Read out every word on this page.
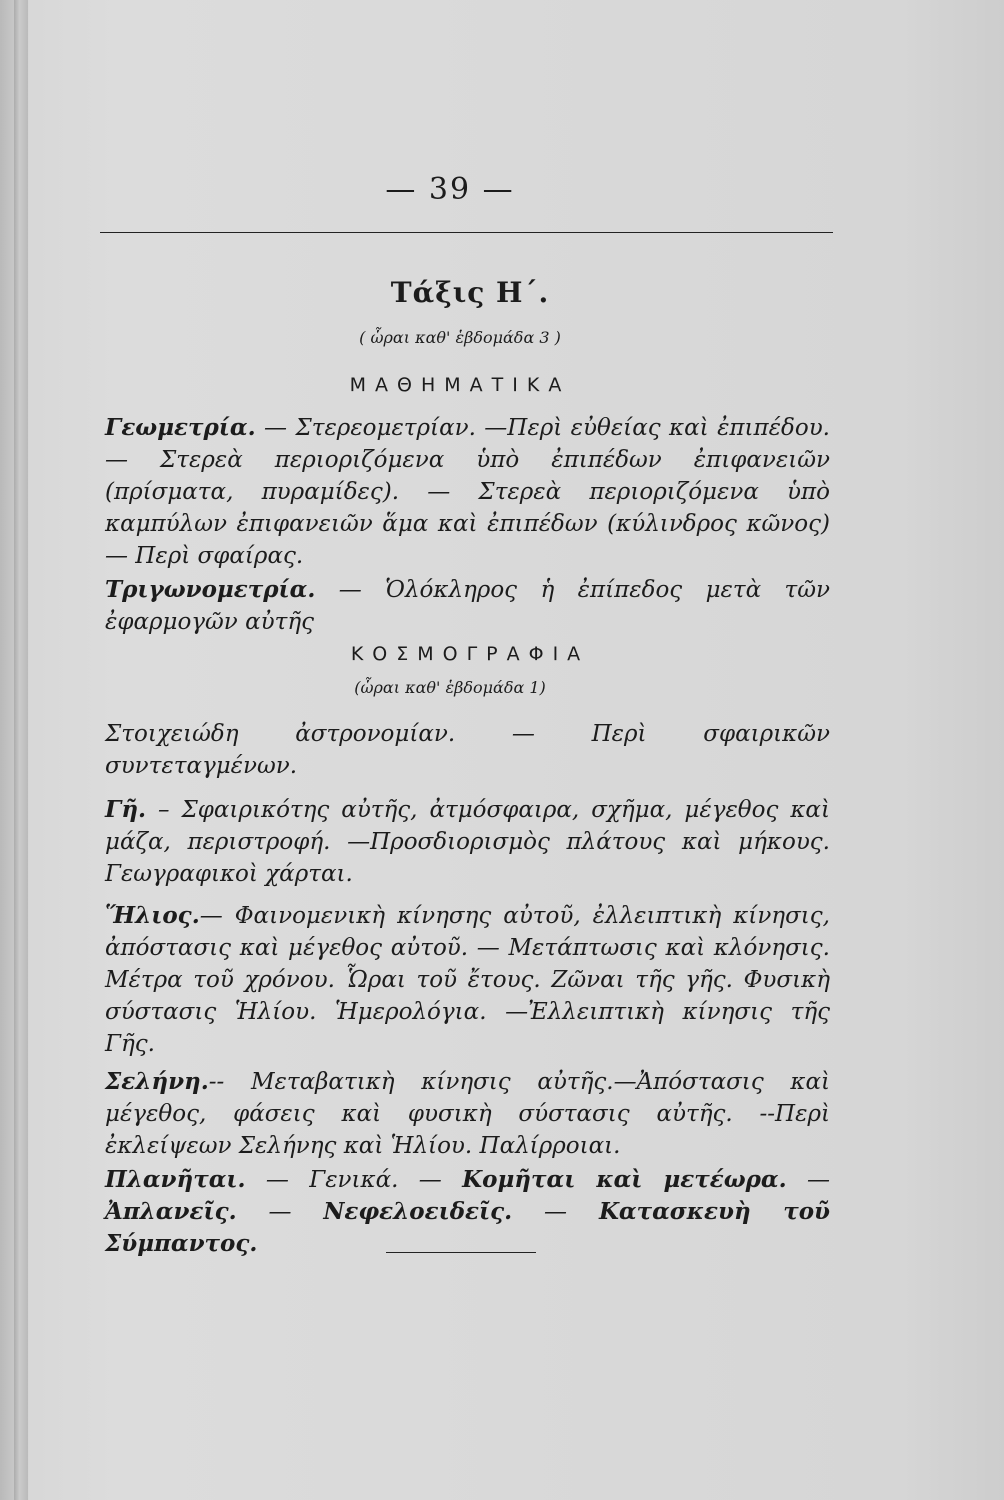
— 39 —
Τάξις Η΄.
( ὧραι καθ' ἑβδομάδα 3 )
ΜΑΘΗΜΑΤΙΚΑ
Γεωμετρία. — Στερεομετρίαν. —Περὶ εὐθείας καὶ ἐπιπέδου. — Στερεὰ περιοριζόμενα ὑπὸ ἐπιπέδων ἐπιφανειῶν (πρίσματα, πυραμίδες). — Στερεὰ περιοριζόμενα ὑπὸ καμπύλων ἐπιφανειῶν ἅμα καὶ ἐπιπέδων (κύλινδρος κῶνος) — Περὶ σφαίρας.
Τριγωνομετρία. — Ὁλόκληρος ἡ ἐπίπεδος μετὰ τῶν ἐφαρμογῶν αὐτῆς
ΚΟΣΜΟΓΡΑΦΙΑ
(ὧραι καθ' ἑβδομάδα 1)
Στοιχειώδη ἀστρονομίαν. — Περὶ σφαιρικῶν συντεταγμένων.
Γῆ. – Σφαιρικότης αὐτῆς, ἀτμόσφαιρα, σχῆμα, μέγεθος καὶ μάζα, περιστροφή. —Προσδιορισμὸς πλάτους καὶ μήκους. Γεωγραφικοὶ χάρται.
Ἥλιος.— Φαινομενικὴ κίνησης αὐτοῦ, ἐλλειπτικὴ κίνησις, ἀπόστασις καὶ μέγεθος αὐτοῦ. — Μετάπτωσις καὶ κλόνησις. Μέτρα τοῦ χρόνου. Ὧραι τοῦ ἔτους. Ζῶναι τῆς γῆς. Φυσικὴ σύστασις Ἡλίου. Ἡμερολόγια. —Ἐλλειπτικὴ κίνησις τῆς Γῆς.
Σελήνη.-- Μεταβατικὴ κίνησις αὐτῆς.—Ἀπόστασις καὶ μέγεθος, φάσεις καὶ φυσικὴ σύστασις αὐτῆς. --Περὶ ἐκλείψεων Σελήνης καὶ Ἡλίου. Παλίρροιαι.
Πλανῆται. — Γενικά. — Κομῆται καὶ μετέωρα. — Ἀπλανεῖς. — Νεφελοειδεῖς. — Κατασκευὴ τοῦ Σύμπαντος.
